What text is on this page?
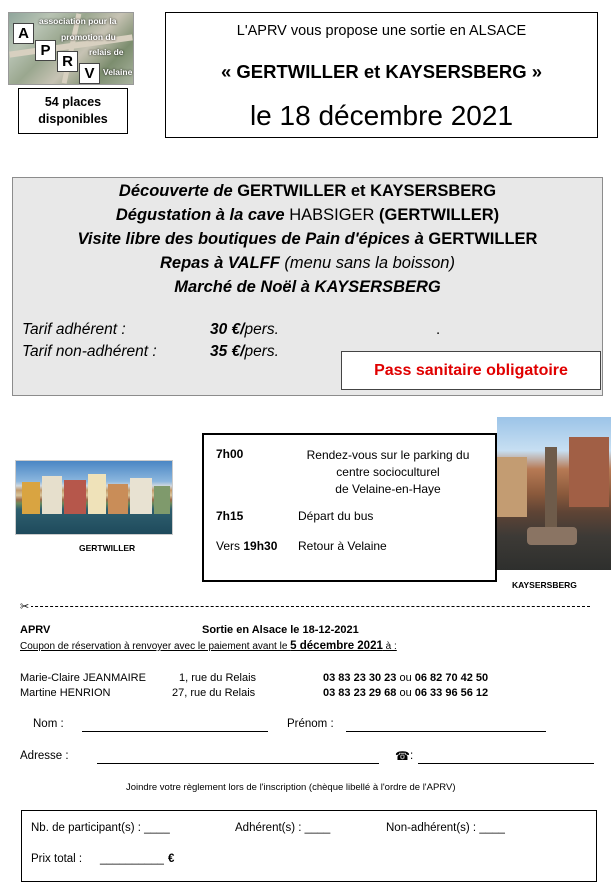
A
P
R
V
association pour la
promotion du
relais de
Velaine
54 places
disponibles
L'APRV vous propose une sortie en ALSACE
« GERTWILLER et KAYSERSBERG »
le 18 décembre 2021
Découverte de GERTWILLER et KAYSERSBERG
Dégustation à la cave HABSIGER (GERTWILLER)
Visite libre des boutiques de Pain d'épices à GERTWILLER
Repas à VALFF (menu sans la boisson)
Marché de Noël à KAYSERSBERG
Tarif adhérent :	30 €/pers.	.
Tarif non-adhérent :	35 €/pers.
Pass sanitaire obligatoire
GERTWILLER
7h00	Rendez-vous sur le parking du
centre socioculturel
de Velaine-en-Haye
7h15	Départ du bus
Vers 19h30 Retour à Velaine
KAYSERSBERG
✂
APRV	Sortie en Alsace le 18-12-2021
Coupon de réservation à renvoyer avec le paiement avant le 5 décembre 2021 à :
Marie-Claire JEANMAIRE	1, rue du Relais	03 83 23 30 23 ou 06 82 70 42 50
Martine HENRION	27, rue du Relais	03 83 23 29 68 ou 06 33 96 56 12
Nom :	Prénom :
Adresse :	☎ :
Joindre votre règlement lors de l'inscription (chèque libellé à l'ordre de l'APRV)
Nb. de participant(s) : ____	Adhérent(s) : ____	Non-adhérent(s) : ____
Prix total : __________ €
